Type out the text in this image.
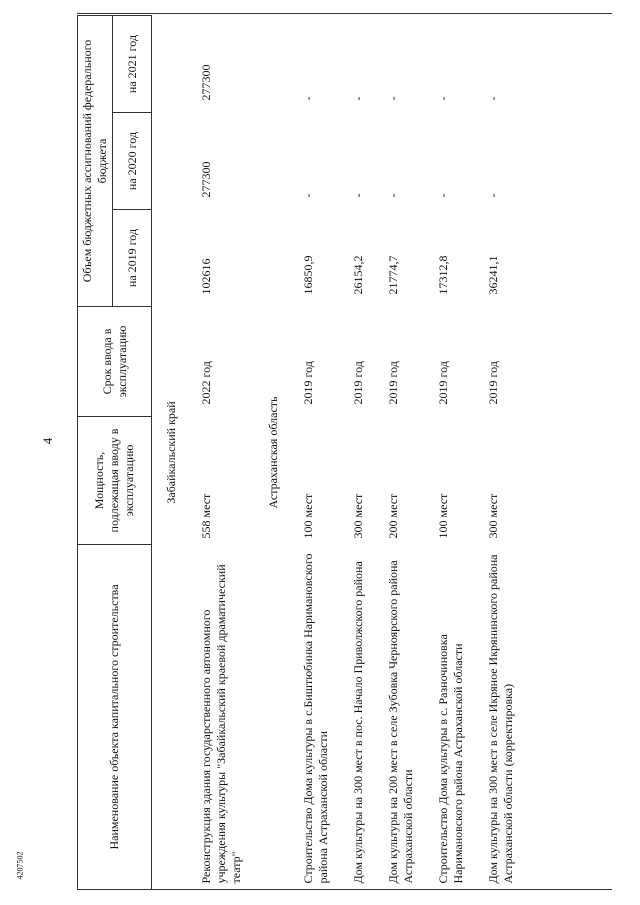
4
4207502
Наименование объекта капитального строительства	Мощность, подлежащая вводу в эксплуатацию	Срок ввода в эксплуатацию	Объем бюджетных ассигнований федерального бюджета		
			на 2019 год	на 2020 год	на 2021 год
Забайкальский край					
Реконструкция здания государственного автономного учреждения культуры "Забайкальский краевой драматический театр"	558 мест	2022 год	102616	277300	277300
Астраханская область					
Строительство Дома культуры в с.Биштюбинка Наримановского района Астраханской области	100 мест	2019 год	16850,9	-	-
Дом культуры на 300 мест в пос. Начало Приволжского района	300 мест	2019 год	26154,2	-	-
Дом культуры на 200 мест в селе Зубовка Черноярского района Астраханской области	200 мест	2019 год	21774,7	-	-
Строительство Дома культуры в с. Разночиновка Наримановского района Астраханской области	100 мест	2019 год	17312,8	-	-
Дом культуры на 300 мест в селе Икряное Икрянинского района Астраханской области (корректировка)	300 мест	2019 год	36241,1	-	-
